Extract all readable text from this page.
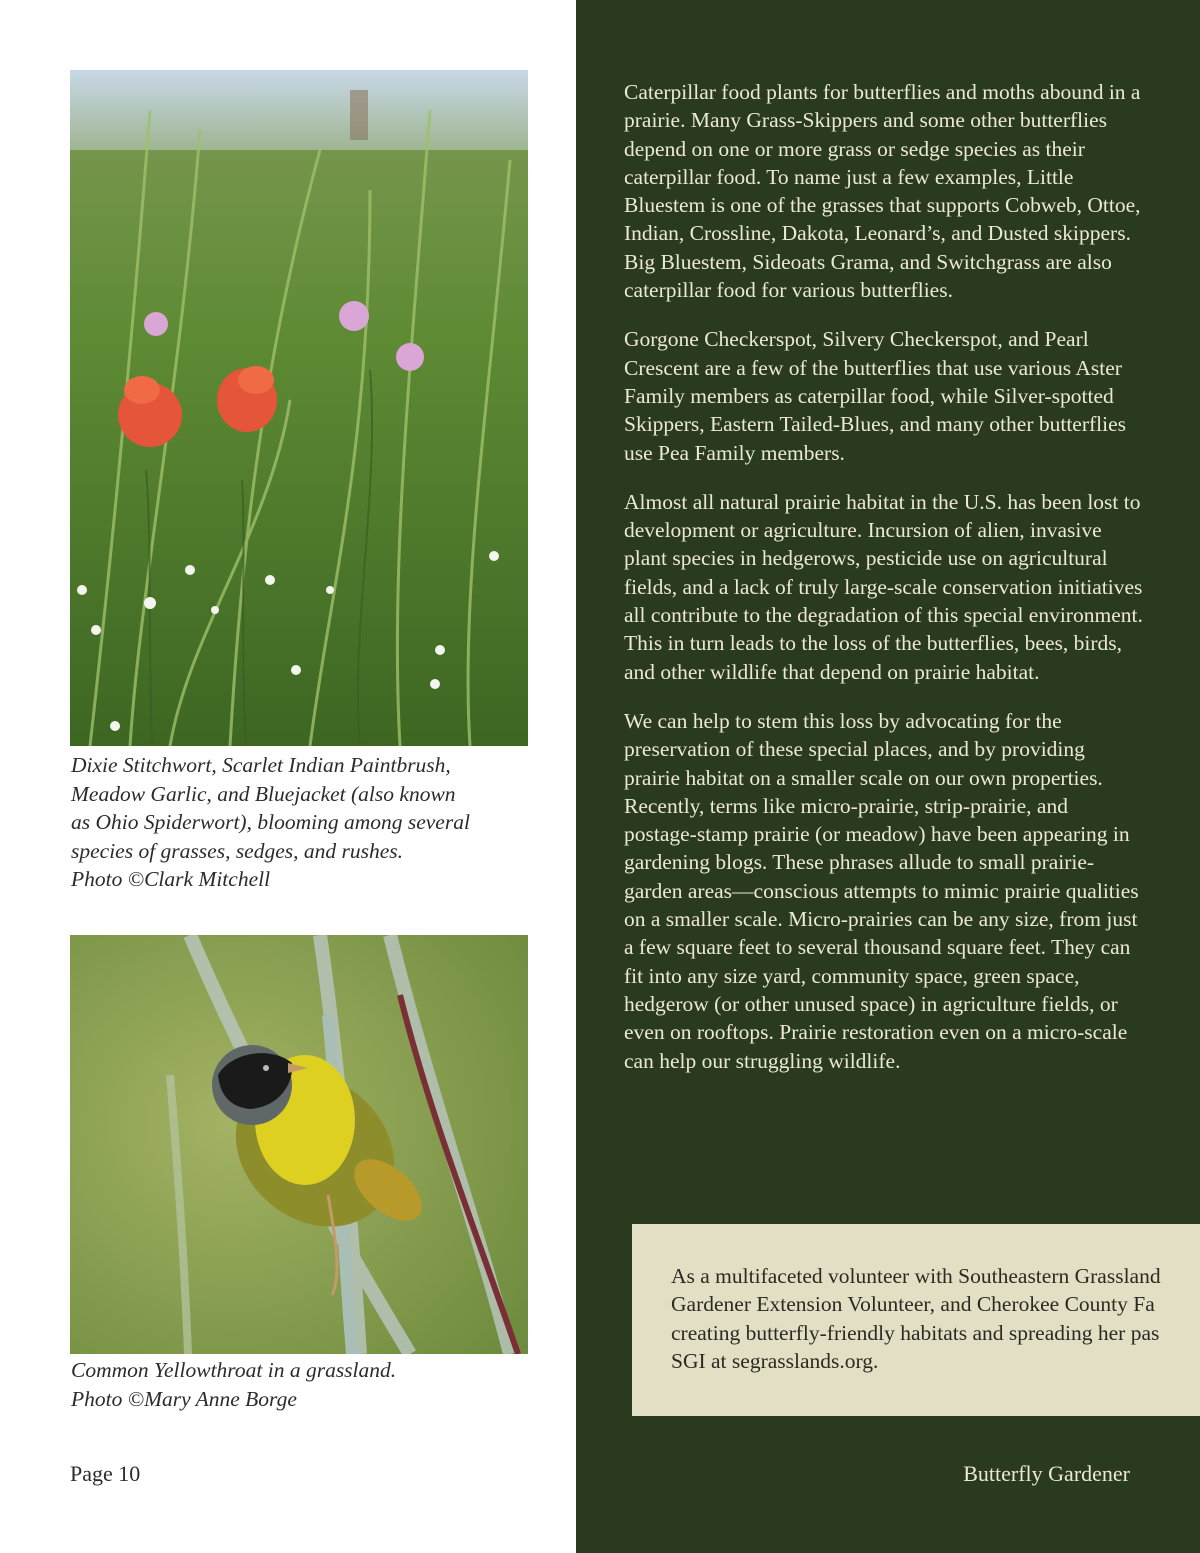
Dixie Stitchwort, Scarlet Indian Paintbrush,
Meadow Garlic, and Bluejacket (also known
as Ohio Spiderwort), blooming among several
species of grasses, sedges, and rushes.
Photo ©Clark Mitchell

Common Yellowthroat in a grassland.
Photo ©Mary Anne Borge

Caterpillar food plants for butterflies and moths abound in a prairie. Many Grass-Skippers and some other butterflies depend on one or more grass or sedge species as their caterpillar food. To name just a few examples, Little Bluestem is one of the grasses that supports Cobweb, Ottoe, Indian, Crossline, Dakota, Leonard’s, and Dusted skippers. Big Bluestem, Sideoats Grama, and Switchgrass are also caterpillar food for various butterflies.

Gorgone Checkerspot, Silvery Checkerspot, and Pearl Crescent are a few of the butterflies that use various Aster Family members as caterpillar food, while Silver-spotted Skippers, Eastern Tailed-Blues, and many other butterflies use Pea Family members.

Almost all natural prairie habitat in the U.S. has been lost to development or agriculture. Incursion of alien, invasive plant species in hedgerows, pesticide use on agricultural fields, and a lack of truly large-scale conservation initiatives all contribute to the degradation of this special environment. This in turn leads to the loss of the butterflies, bees, birds, and other wildlife that depend on prairie habitat.

We can help to stem this loss by advocating for the preservation of these special places, and by providing prairie habitat on a smaller scale on our own properties. Recently, terms like micro-prairie, strip-prairie, and postage-stamp prairie (or meadow) have been appearing in gardening blogs. These phrases allude to small prairie-garden areas—conscious attempts to mimic prairie qualities on a smaller scale. Micro-prairies can be any size, from just a few square feet to several thousand square feet. They can fit into any size yard, community space, green space, hedgerow (or other unused space) in agriculture fields, or even on rooftops. Prairie restoration even on a micro-scale can help our struggling wildlife.

As a multifaceted volunteer with Southeastern Grassland
Gardener Extension Volunteer, and Cherokee County Fa
creating butterfly-friendly habitats and spreading her pas
SGI at segrasslands.org.

Page 10	Butterfly Gardener
